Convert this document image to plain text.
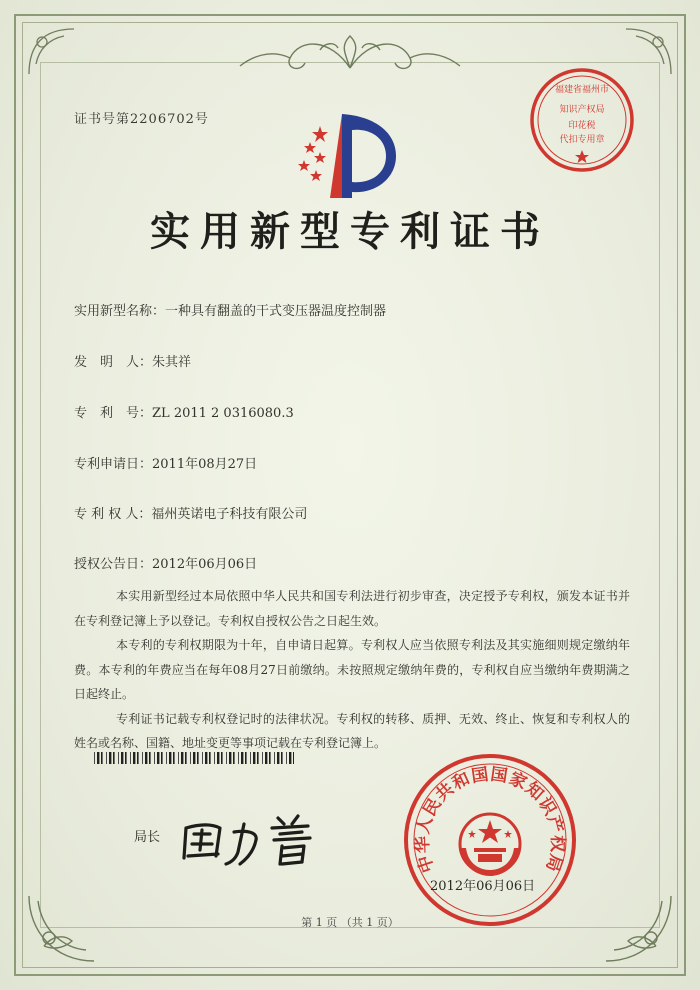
证书号第2206702号
福建省福州市
知识产权局
印花税
代扣专用章
实用新型专利证书
实用新型名称：一种具有翻盖的干式变压器温度控制器
发　明　人：朱其祥
专　利　号：ZL 2011 2 0316080.3
专利申请日：2011年08月27日
专 利 权 人：福州英诺电子科技有限公司
授权公告日：2012年06月06日

本实用新型经过本局依照中华人民共和国专利法进行初步审查，决定授予专利权，颁发本证书并在专利登记簿上予以登记。专利权自授权公告之日起生效。

本专利的专利权期限为十年，自申请日起算。专利权人应当依照专利法及其实施细则规定缴纳年费。本专利的年费应当在每年08月27日前缴纳。未按照规定缴纳年费的，专利权自应当缴纳年费期满之日起终止。

专利证书记载专利权登记时的法律状况。专利权的转移、质押、无效、终止、恢复和专利权人的姓名或名称、国籍、地址变更等事项记载在专利登记簿上。

局长
中华人民共和国国家知识产权局
2012年06月06日
第 1 页 （共 1 页）
